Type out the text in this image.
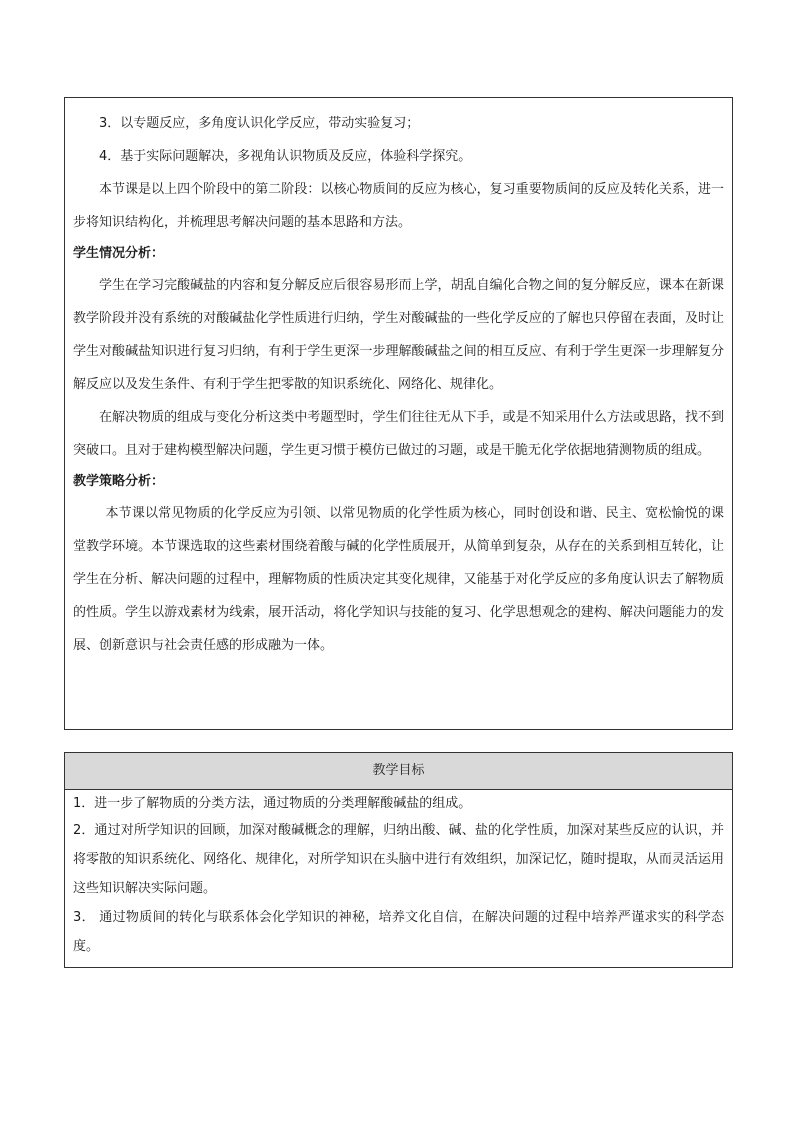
3．以专题反应，多角度认识化学反应，带动实验复习；

4．基于实际问题解决，多视角认识物质及反应，体验科学探究。

本节课是以上四个阶段中的第二阶段：以核心物质间的反应为核心，复习重要物质间的反应及转化关系，进一步将知识结构化，并梳理思考解决问题的基本思路和方法。

学生情况分析：

学生在学习完酸碱盐的内容和复分解反应后很容易形而上学，胡乱自编化合物之间的复分解反应，课本在新课教学阶段并没有系统的对酸碱盐化学性质进行归纳，学生对酸碱盐的一些化学反应的了解也只停留在表面，及时让学生对酸碱盐知识进行复习归纳，有利于学生更深一步理解酸碱盐之间的相互反应、有利于学生更深一步理解复分解反应以及发生条件、有利于学生把零散的知识系统化、网络化、规律化。

在解决物质的组成与变化分析这类中考题型时，学生们往往无从下手，或是不知采用什么方法或思路，找不到突破口。且对于建构模型解决问题，学生更习惯于模仿已做过的习题，或是干脆无化学依据地猜测物质的组成。

教学策略分析：

本节课以常见物质的化学反应为引领、以常见物质的化学性质为核心，同时创设和谐、民主、宽松愉悦的课堂教学环境。本节课选取的这些素材围绕着酸与碱的化学性质展开，从简单到复杂，从存在的关系到相互转化，让学生在分析、解决问题的过程中，理解物质的性质决定其变化规律，又能基于对化学反应的多角度认识去了解物质的性质。学生以游戏素材为线索，展开活动，将化学知识与技能的复习、化学思想观念的建构、解决问题能力的发展、创新意识与社会责任感的形成融为一体。

教学目标

1．进一步了解物质的分类方法，通过物质的分类理解酸碱盐的组成。

2．通过对所学知识的回顾，加深对酸碱概念的理解，归纳出酸、碱、盐的化学性质，加深对某些反应的认识，并将零散的知识系统化、网络化、规律化，对所学知识在头脑中进行有效组织，加深记忆，随时提取，从而灵活运用这些知识解决实际问题。

3． 通过物质间的转化与联系体会化学知识的神秘，培养文化自信，在解决问题的过程中培养严谨求实的科学态度。
